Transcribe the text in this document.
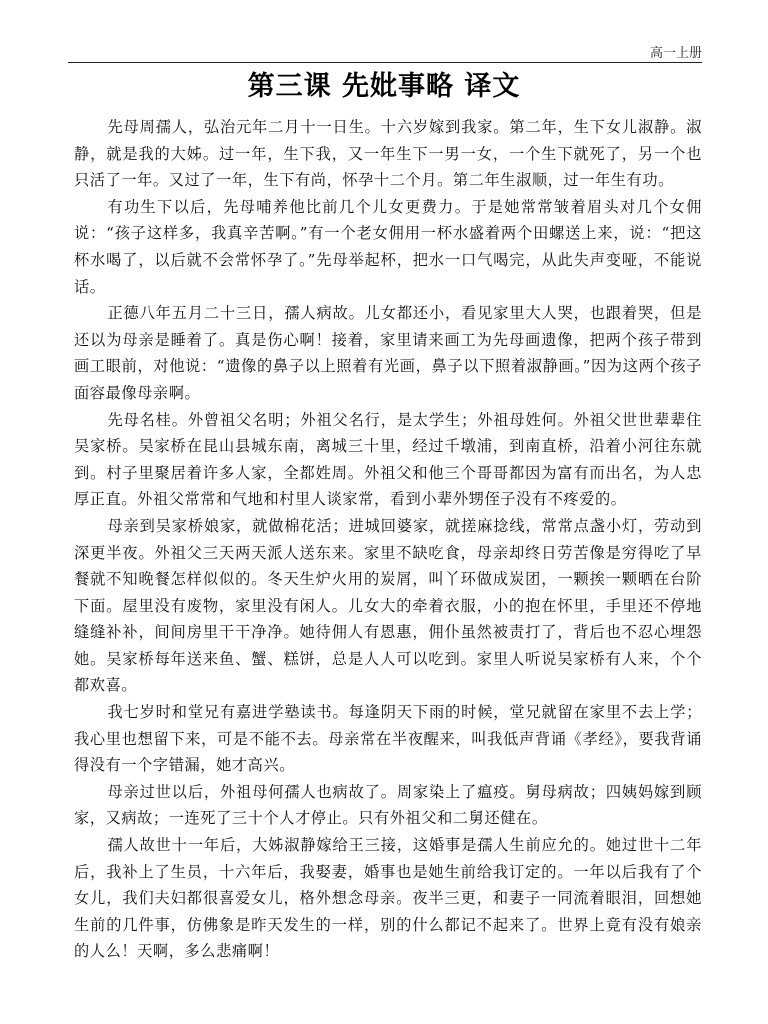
高一上册
第三课 先妣事略 译文

先母周孺人，弘治元年二月十一日生。十六岁嫁到我家。第二年，生下女儿淑静。淑静，就是我的大姊。过一年，生下我，又一年生下一男一女，一个生下就死了，另一个也只活了一年。又过了一年，生下有尚，怀孕十二个月。第二年生淑顺，过一年生有功。

有功生下以后，先母哺养他比前几个儿女更费力。于是她常常皱着眉头对几个女佣说：“孩子这样多，我真辛苦啊。”有一个老女佣用一杯水盛着两个田螺送上来，说：“把这杯水喝了，以后就不会常怀孕了。”先母举起杯，把水一口气喝完，从此失声变哑，不能说话。

正德八年五月二十三日，孺人病故。儿女都还小，看见家里大人哭，也跟着哭，但是还以为母亲是睡着了。真是伤心啊！接着，家里请来画工为先母画遗像，把两个孩子带到画工眼前，对他说：“遗像的鼻子以上照着有光画，鼻子以下照着淑静画。”因为这两个孩子面容最像母亲啊。

先母名桂。外曾祖父名明；外祖父名行，是太学生；外祖母姓何。外祖父世世辈辈住吴家桥。吴家桥在昆山县城东南，离城三十里，经过千墩浦，到南直桥，沿着小河往东就到。村子里聚居着许多人家，全都姓周。外祖父和他三个哥哥都因为富有而出名，为人忠厚正直。外祖父常常和气地和村里人谈家常，看到小辈外甥侄子没有不疼爱的。

母亲到吴家桥娘家，就做棉花活；进城回婆家，就搓麻捻线，常常点盏小灯，劳动到深更半夜。外祖父三天两天派人送东来。家里不缺吃食，母亲却终日劳苦像是穷得吃了早餐就不知晚餐怎样似似的。冬天生炉火用的炭屑，叫丫环做成炭团，一颗挨一颗晒在台阶下面。屋里没有废物，家里没有闲人。儿女大的牵着衣服，小的抱在怀里，手里还不停地缝缝补补，间间房里干干净净。她待佣人有恩惠，佣仆虽然被责打了，背后也不忍心埋怨她。吴家桥每年送来鱼、蟹、糕饼，总是人人可以吃到。家里人听说吴家桥有人来，个个都欢喜。

我七岁时和堂兄有嘉进学塾读书。每逢阴天下雨的时候，堂兄就留在家里不去上学；我心里也想留下来，可是不能不去。母亲常在半夜醒来，叫我低声背诵《孝经》，要我背诵得没有一个字错漏，她才高兴。

母亲过世以后，外祖母何孺人也病故了。周家染上了瘟疫。舅母病故；四姨妈嫁到顾家，又病故；一连死了三十个人才停止。只有外祖父和二舅还健在。

孺人故世十一年后，大姊淑静嫁给王三接，这婚事是孺人生前应允的。她过世十二年后，我补上了生员，十六年后，我娶妻，婚事也是她生前给我订定的。一年以后我有了个女儿，我们夫妇都很喜爱女儿，格外想念母亲。夜半三更，和妻子一同流着眼泪，回想她生前的几件事，仿佛象是昨天发生的一样，别的什么都记不起来了。世界上竟有没有娘亲的人么！天啊，多么悲痛啊！
